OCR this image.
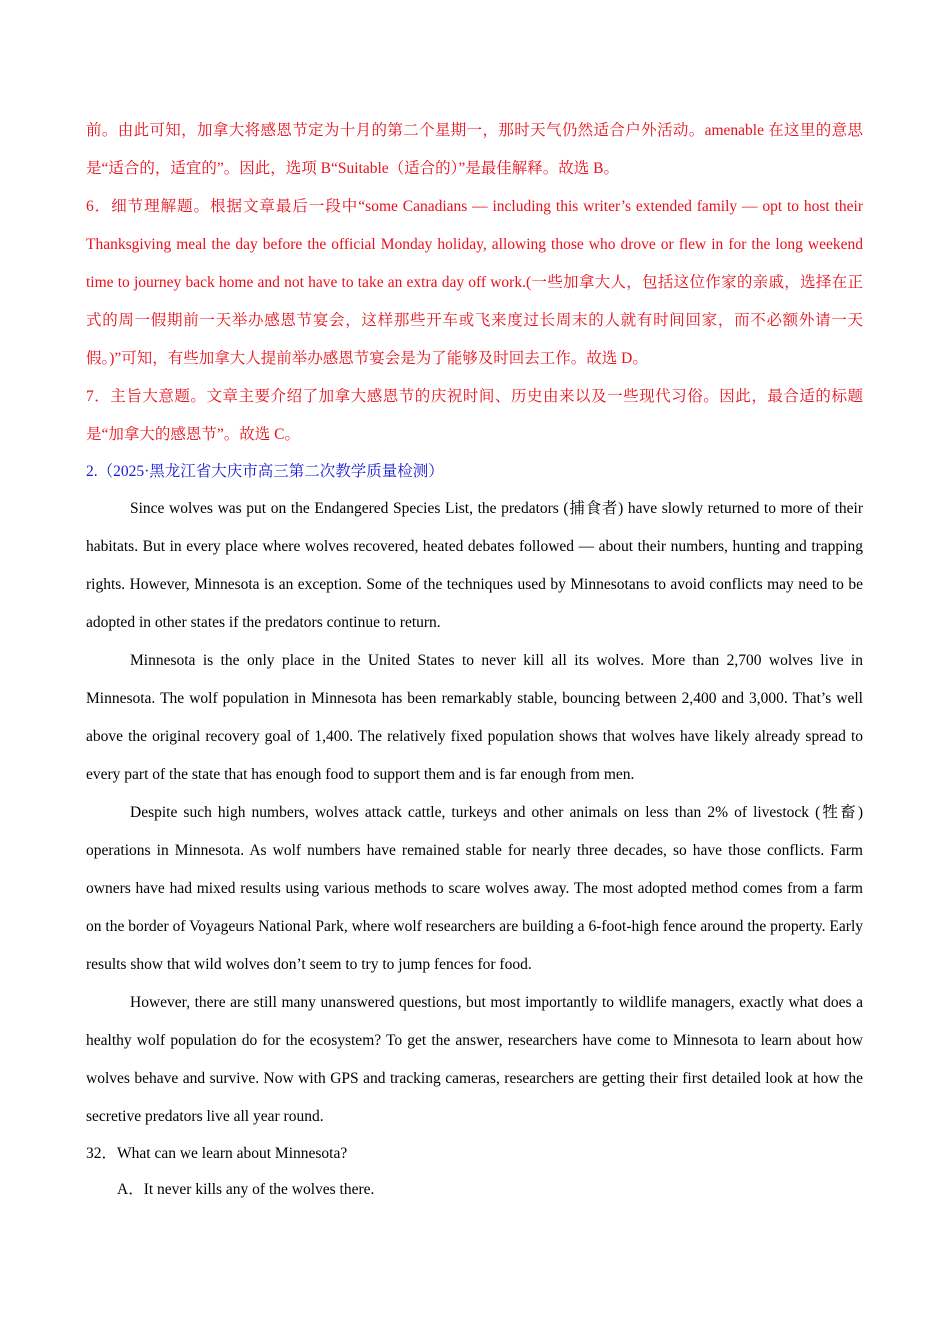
前。由此可知，加拿大将感恩节定为十月的第二个星期一，那时天气仍然适合户外活动。amenable 在这里的意思是“适合的，适宜的”。因此，选项 B“Suitable（适合的）”是最佳解释。故选 B。

6．细节理解题。根据文章最后一段中“some Canadians — including this writer’s extended family — opt to host their Thanksgiving meal the day before the official Monday holiday, allowing those who drove or flew in for the long weekend time to journey back home and not have to take an extra day off work.(一些加拿大人，包括这位作家的亲戚，选择在正式的周一假期前一天举办感恩节宴会，这样那些开车或飞来度过长周末的人就有时间回家，而不必额外请一天假。)”可知，有些加拿大人提前举办感恩节宴会是为了能够及时回去工作。故选 D。

7．主旨大意题。文章主要介绍了加拿大感恩节的庆祝时间、历史由来以及一些现代习俗。因此，最合适的标题是“加拿大的感恩节”。故选 C。

2.（2025·黑龙江省大庆市高三第二次教学质量检测）

Since wolves was put on the Endangered Species List, the predators (捕食者) have slowly returned to more of their habitats. But in every place where wolves recovered, heated debates followed — about their numbers, hunting and trapping rights. However, Minnesota is an exception. Some of the techniques used by Minnesotans to avoid conflicts may need to be adopted in other states if the predators continue to return.

Minnesota is the only place in the United States to never kill all its wolves. More than 2,700 wolves live in Minnesota. The wolf population in Minnesota has been remarkably stable, bouncing between 2,400 and 3,000. That’s well above the original recovery goal of 1,400. The relatively fixed population shows that wolves have likely already spread to every part of the state that has enough food to support them and is far enough from men.

Despite such high numbers, wolves attack cattle, turkeys and other animals on less than 2% of livestock (牲畜) operations in Minnesota. As wolf numbers have remained stable for nearly three decades, so have those conflicts. Farm owners have had mixed results using various methods to scare wolves away. The most adopted method comes from a farm on the border of Voyageurs National Park, where wolf researchers are building a 6-foot-high fence around the property. Early results show that wild wolves don’t seem to try to jump fences for food.

However, there are still many unanswered questions, but most importantly to wildlife managers, exactly what does a healthy wolf population do for the ecosystem? To get the answer, researchers have come to Minnesota to learn about how wolves behave and survive. Now with GPS and tracking cameras, researchers are getting their first detailed look at how the secretive predators live all year round.

32．What can we learn about Minnesota?

A．It never kills any of the wolves there.
